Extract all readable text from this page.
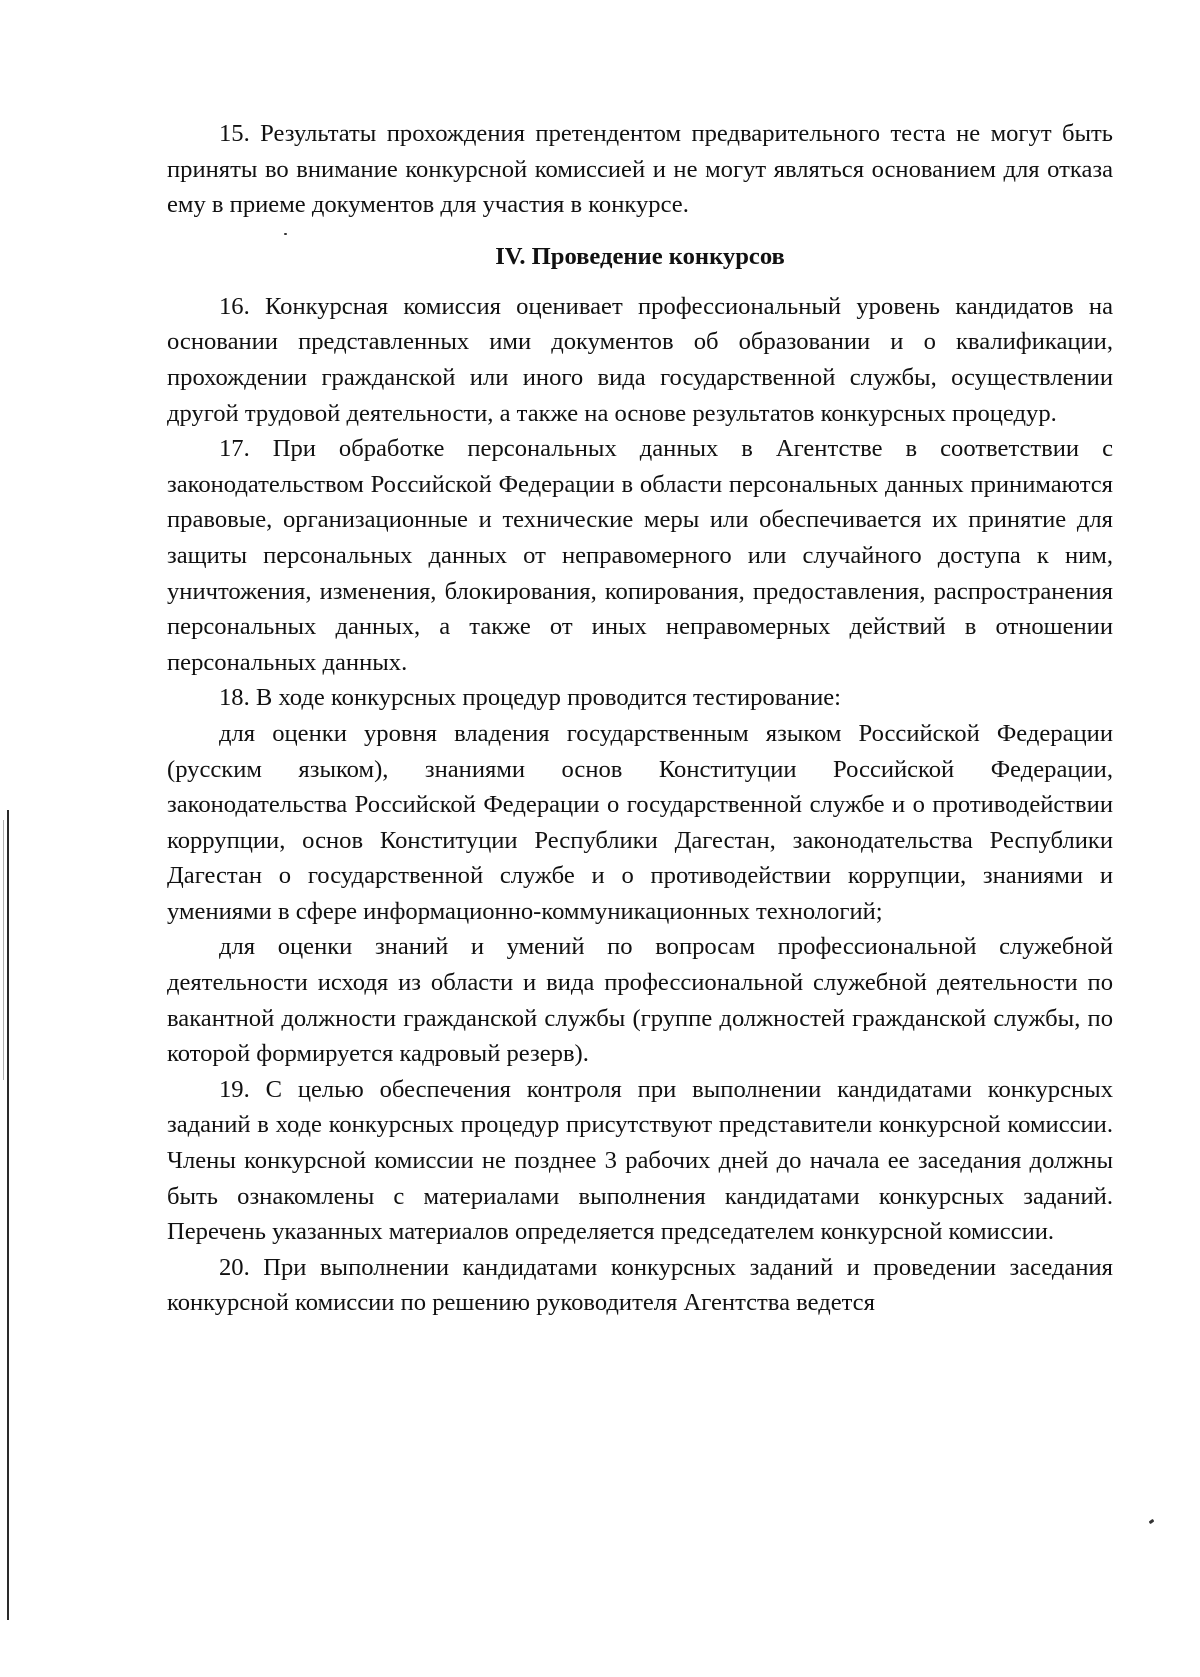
15. Результаты прохождения претендентом предварительного теста не могут быть приняты во внимание конкурсной комиссией и не могут являться основанием для отказа ему в приеме документов для участия в конкурсе.

IV. Проведение конкурсов

16. Конкурсная комиссия оценивает профессиональный уровень кандидатов на основании представленных ими документов об образовании и о квалификации, прохождении гражданской или иного вида государственной службы, осуществлении другой трудовой деятельности, а также на основе результатов конкурсных процедур.

17. При обработке персональных данных в Агентстве в соответствии с законодательством Российской Федерации в области персональных данных принимаются правовые, организационные и технические меры или обеспечивается их принятие для защиты персональных данных от неправомерного или случайного доступа к ним, уничтожения, изменения, блокирования, копирования, предоставления, распространения персональных данных, а также от иных неправомерных действий в отношении персональных данных.

18. В ходе конкурсных процедур проводится тестирование:

для оценки уровня владения государственным языком Российской Федерации (русским языком), знаниями основ Конституции Российской Федерации, законодательства Российской Федерации о государственной службе и о противодействии коррупции, основ Конституции Республики Дагестан, законодательства Республики Дагестан о государственной службе и о противодействии коррупции, знаниями и умениями в сфере информационно-коммуникационных технологий;

для оценки знаний и умений по вопросам профессиональной служебной деятельности исходя из области и вида профессиональной служебной деятельности по вакантной должности гражданской службы (группе должностей гражданской службы, по которой формируется кадровый резерв).

19. С целью обеспечения контроля при выполнении кандидатами конкурсных заданий в ходе конкурсных процедур присутствуют представители конкурсной комиссии. Члены конкурсной комиссии не позднее 3 рабочих дней до начала ее заседания должны быть ознакомлены с материалами выполнения кандидатами конкурсных заданий. Перечень указанных материалов определяется председателем конкурсной комиссии.

20. При выполнении кандидатами конкурсных заданий и проведении заседания конкурсной комиссии по решению руководителя Агентства ведется
